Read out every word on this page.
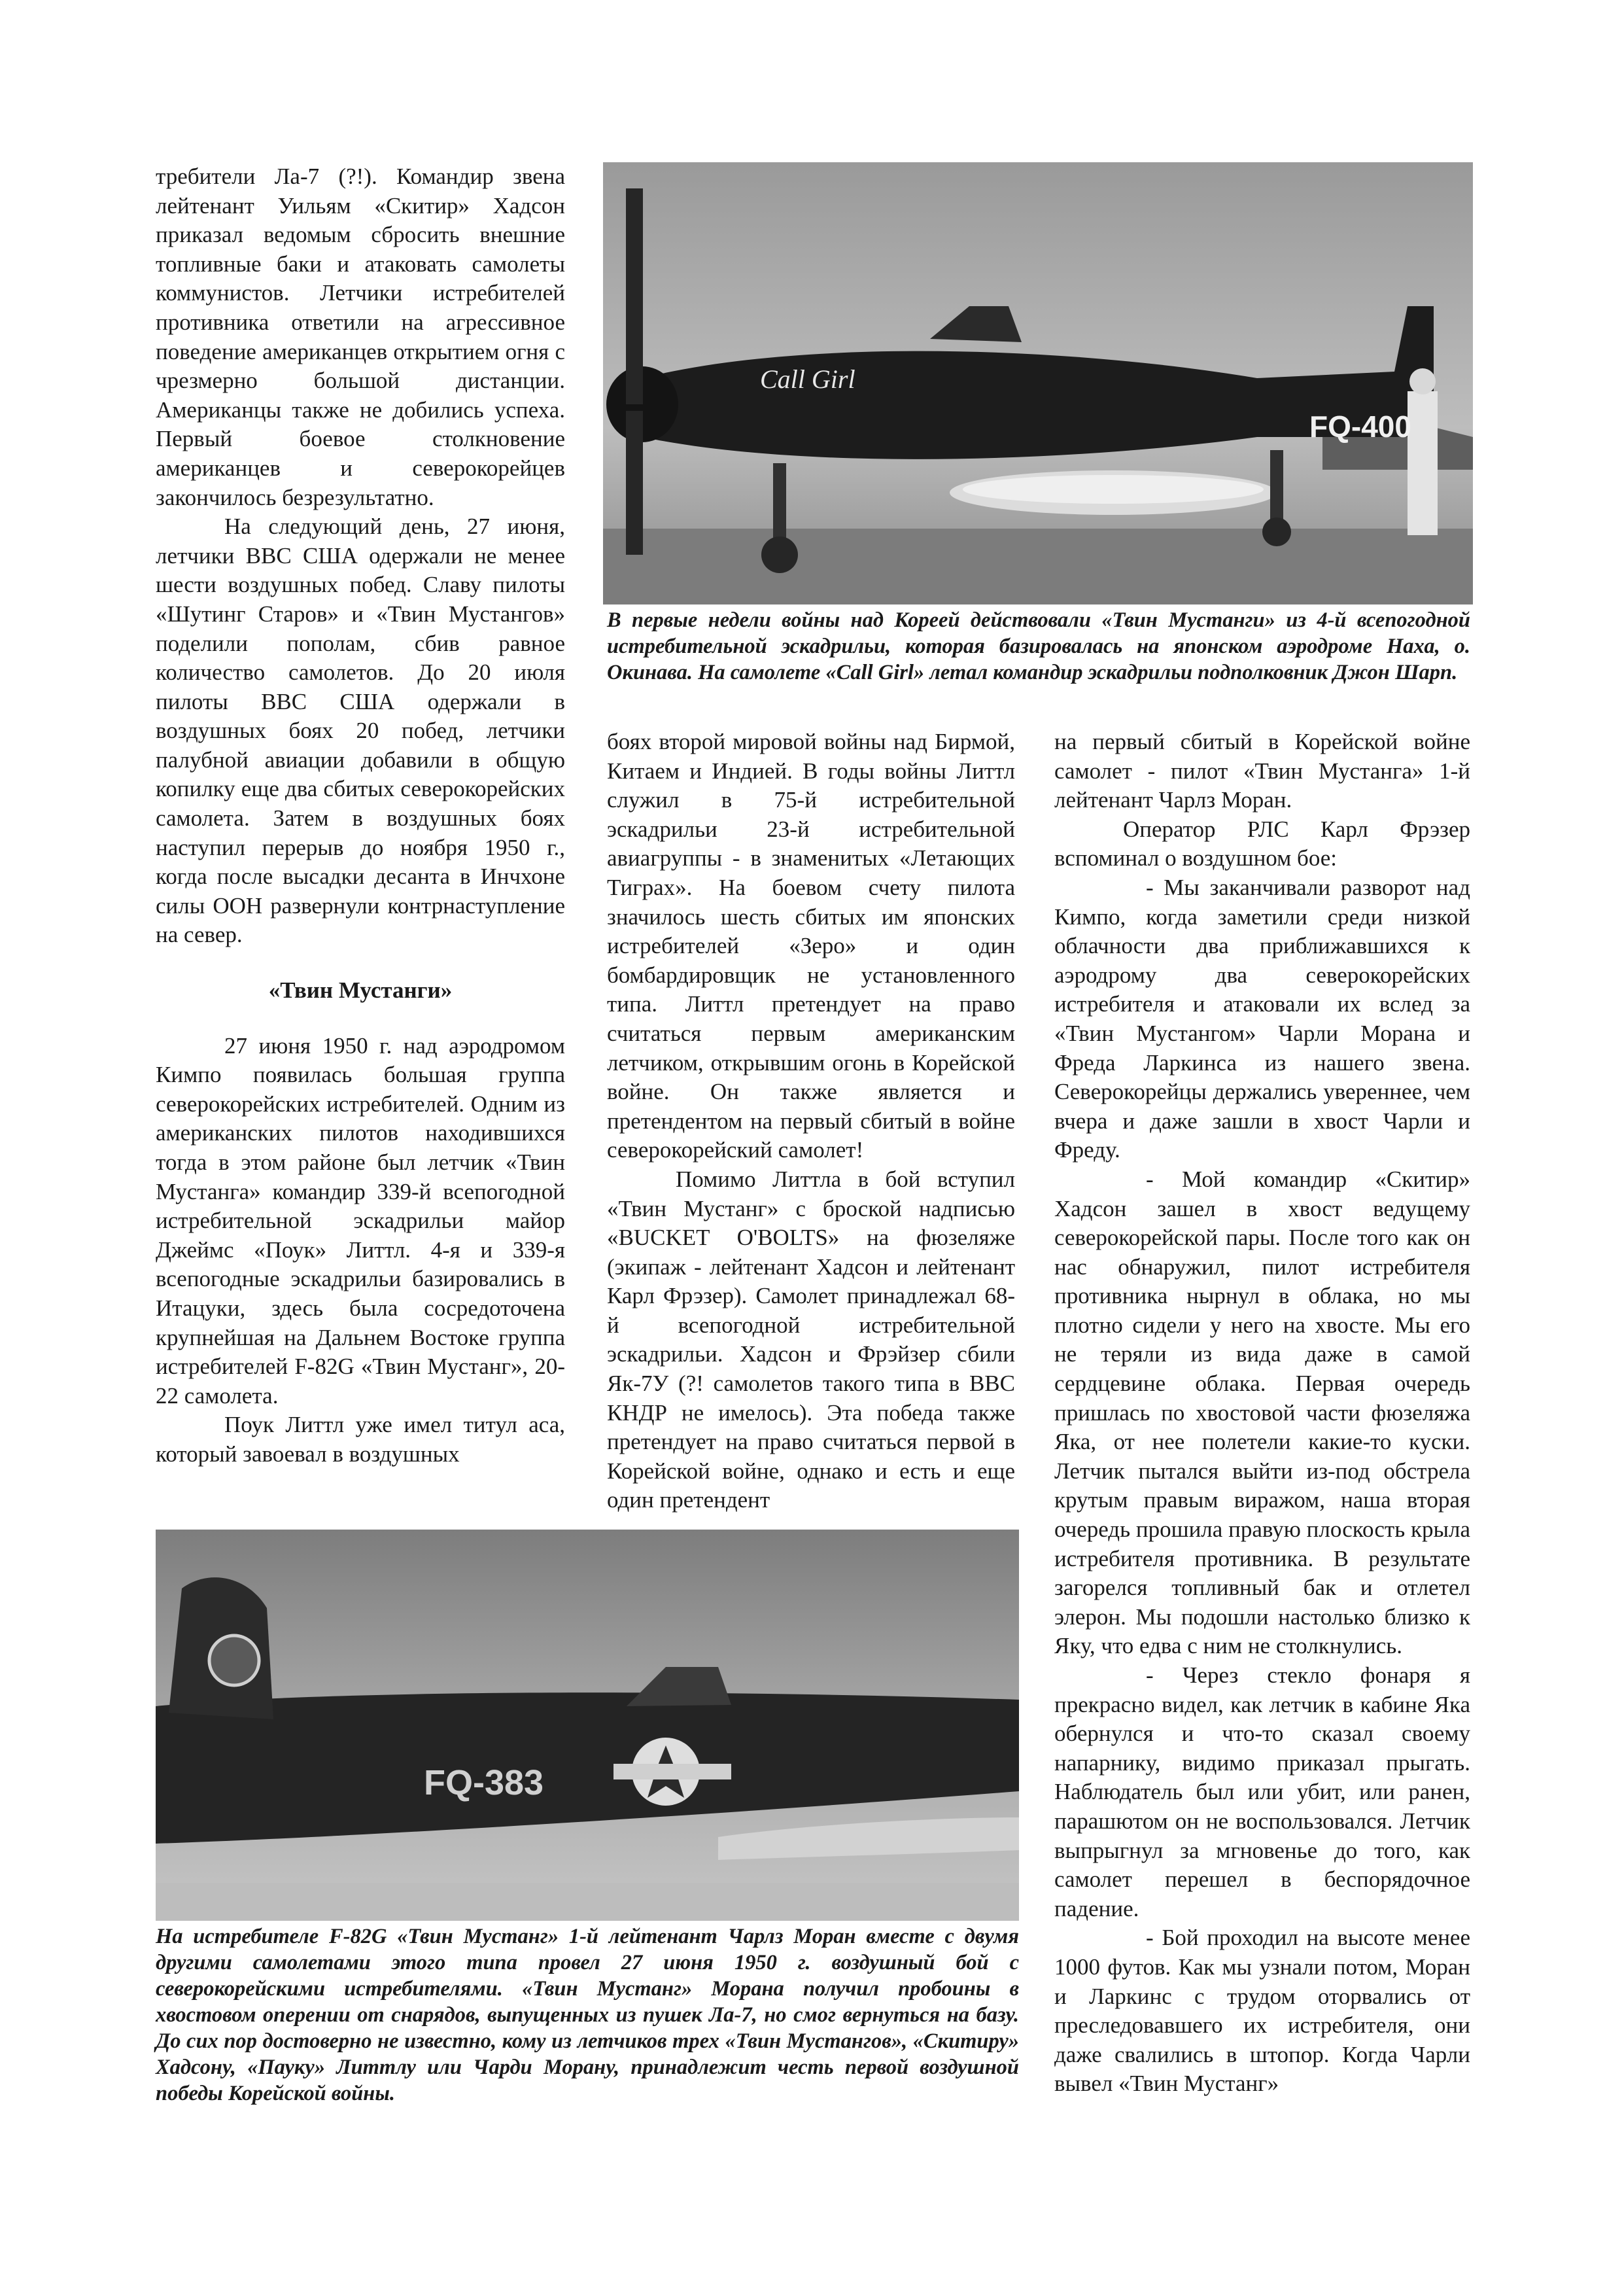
требители Ла-7 (?!). Командир звена лейтенант Уильям «Скитир» Хадсон приказал ведомым сбросить внешние топливные баки и атаковать самолеты коммунистов. Летчики истребителей противника ответили на агрессивное поведение американцев открытием огня с чрезмерно большой дистанции. Американцы также не добились успеха. Первый боевое столкновение американцев и северокорейцев закончилось безрезультатно.

На следующий день, 27 июня, летчики ВВС США одержали не менее шести воздушных побед. Славу пилоты «Шутинг Старов» и «Твин Мустангов» поделили пополам, сбив равное количество самолетов. До 20 июля пилоты ВВС США одержали в воздушных боях 20 побед, летчики палубной авиации добавили в общую копилку еще два сбитых северокорейских самолета. Затем в воздушных боях наступил перерыв до ноября 1950 г., когда после высадки десанта в Инчхоне силы ООН развернули контрнаступление на север.

«Твин Мустанги»

27 июня 1950 г. над аэродромом Кимпо появилась большая группа северокорейских истребителей. Одним из американских пилотов находившихся тогда в этом районе был летчик «Твин Мустанга» командир 339-й всепогодной истребительной эскадрильи майор Джеймс «Поук» Литтл. 4-я и 339-я всепогодные эскадрильи базировались в Итацуки, здесь была сосредоточена крупнейшая на Дальнем Востоке группа истребителей F-82G «Твин Мустанг», 20-22 самолета.

Поук Литтл уже имел титул аса, который завоевал в воздушных

FQ-400
Call Girl
В первые недели войны над Кореей действовали «Твин Мустанги» из 4-й всепогодной истребительной эскадрильи, которая базировалась на японском аэродроме Наха, о. Окинава. На самолете «Call Girl» летал командир эскадрильи подполковник Джон Шарп.

боях второй мировой войны над Бирмой, Китаем и Индией. В годы войны Литтл служил в 75-й истребительной эскадрильи 23-й истребительной авиагруппы - в знаменитых «Летающих Тиграх». На боевом счету пилота значилось шесть сбитых им японских истребителей «Зеро» и один бомбардировщик не установленного типа. Литтл претендует на право считаться первым американским летчиком, открывшим огонь в Корейской войне. Он также является и претендентом на первый сбитый в войне северокорейский самолет!

Помимо Литтла в бой вступил «Твин Мустанг» с броской надписью «BUCKET O'BOLTS» на фюзеляже (экипаж - лейтенант Хадсон и лейтенант Карл Фрэзер). Самолет принадлежал 68-й всепогодной истребительной эскадрильи. Хадсон и Фрэйзер сбили Як-7У (?! самолетов такого типа в ВВС КНДР не имелось). Эта победа также претендует на право считаться первой в Корейской войне, однако и есть и еще один претендент

на первый сбитый в Корейской войне самолет - пилот «Твин Мустанга» 1-й лейтенант Чарлз Моран.

Оператор РЛС Карл Фрэзер вспоминал о воздушном бое:

- Мы заканчивали разворот над Кимпо, когда заметили среди низкой облачности два приближавшихся к аэродрому два северокорейских истребителя и атаковали их вслед за «Твин Мустангом» Чарли Морана и Фреда Ларкинса из нашего звена. Северокорейцы держались увереннее, чем вчера и даже зашли в хвост Чарли и Фреду.

- Мой командир «Скитир» Хадсон зашел в хвост ведущему северокорейской пары. После того как он нас обнаружил, пилот истребителя противника нырнул в облака, но мы плотно сидели у него на хвосте. Мы его не теряли из вида даже в самой сердцевине облака. Первая очередь пришлась по хвостовой части фюзеляжа Яка, от нее полетели какие-то куски. Летчик пытался выйти из-под обстрела крутым правым виражом, наша вторая очередь прошила правую плоскость крыла истребителя противника. В результате загорелся топливный бак и отлетел элерон. Мы подошли настолько близко к Яку, что едва с ним не столкнулись.

- Через стекло фонаря я прекрасно видел, как летчик в кабине Яка обернулся и что-то сказал своему напарнику, видимо приказал прыгать. Наблюдатель был или убит, или ранен, парашютом он не воспользовался. Летчик выпрыгнул за мгновенье до того, как самолет перешел в беспорядочное падение.

- Бой проходил на высоте менее 1000 футов. Как мы узнали потом, Моран и Ларкинс с трудом оторвались от преследовавшего их истребителя, они даже свалились в штопор. Когда Чарли вывел «Твин Мустанг»

FQ-383
На истребителе F-82G «Твин Мустанг» 1-й лейтенант Чарлз Моран вместе с двумя другими самолетами этого типа провел 27 июня 1950 г. воздушный бой с северокорейскими истребителями. «Твин Мустанг» Морана получил пробоины в хвостовом оперении от снарядов, выпущенных из пушек Ла-7, но смог вернуться на базу. До сих пор достоверно не известно, кому из летчиков трех «Твин Мустангов», «Скитиру» Хадсону, «Пауку» Литтлу или Чарди Морану, принадлежит честь первой воздушной победы Корейской войны.
